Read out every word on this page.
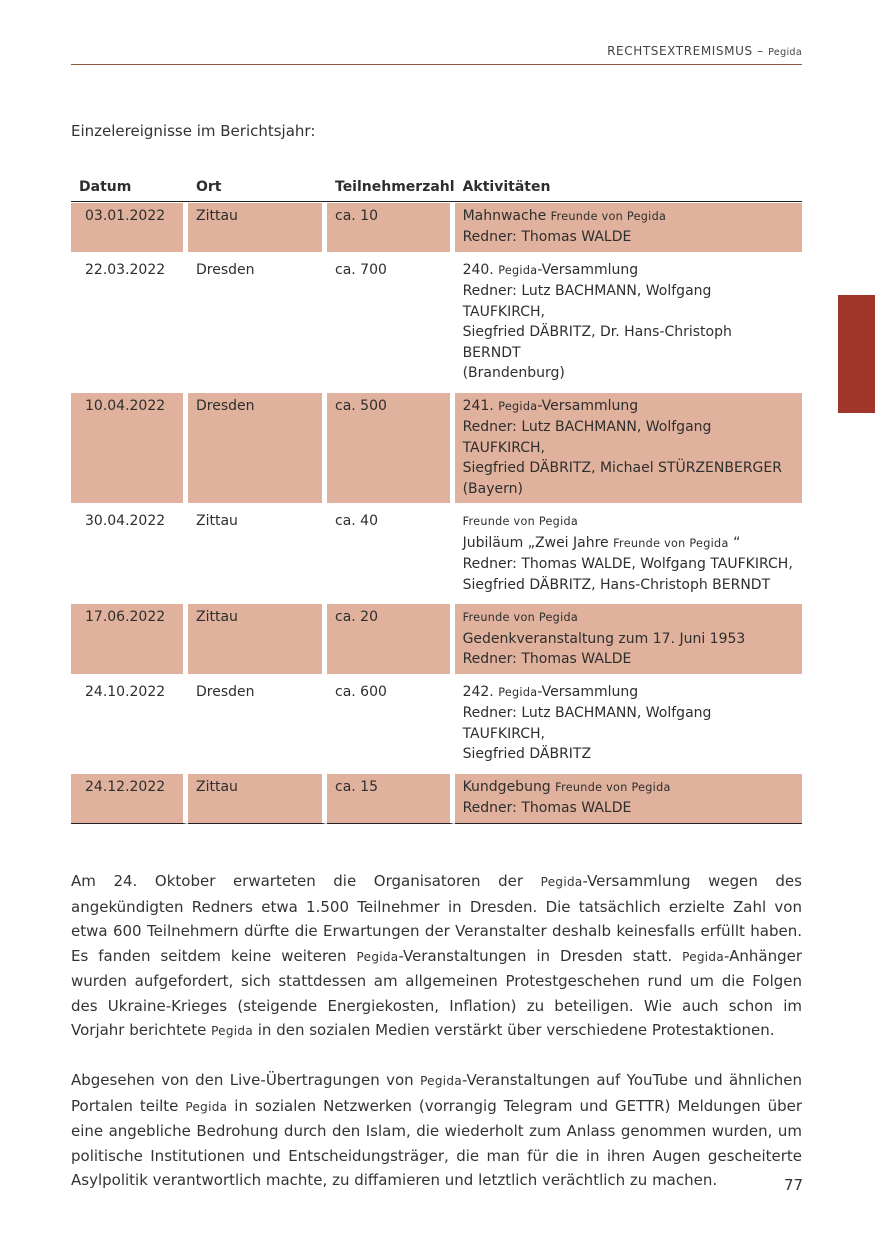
RECHTSEXTREMISMUS – Pegida
Einzelereignisse im Berichtsjahr:
Datum	Ort	Teilnehmerzahl	Aktivitäten
03.01.2022	Zittau	ca. 10	Mahnwache Freunde von Pegida
Redner: Thomas WALDE

22.03.2022	Dresden	ca. 700	240. Pegida-Versammlung
Redner: Lutz BACHMANN, Wolfgang TAUFKIRCH,
Siegfried DÄBRITZ, Dr. Hans-Christoph BERNDT
(Brandenburg)

10.04.2022	Dresden	ca. 500	241. Pegida-Versammlung
Redner: Lutz BACHMANN, Wolfgang TAUFKIRCH,
Siegfried DÄBRITZ, Michael STÜRZENBERGER
(Bayern)

30.04.2022	Zittau	ca. 40	Freunde von Pegida
Jubiläum „Zwei Jahre Freunde von Pegida “
Redner: Thomas WALDE, Wolfgang TAUFKIRCH,
Siegfried DÄBRITZ, Hans-Christoph BERNDT

17.06.2022	Zittau	ca. 20	Freunde von Pegida
Gedenkveranstaltung zum 17. Juni 1953
Redner: Thomas WALDE

24.10.2022	Dresden	ca. 600	242. Pegida-Versammlung
Redner: Lutz BACHMANN, Wolfgang TAUFKIRCH,
Siegfried DÄBRITZ

24.12.2022	Zittau	ca. 15	Kundgebung Freunde von Pegida
Redner: Thomas WALDE
Am 24. Oktober erwarteten die Organisatoren der Pegida-Versammlung wegen des angekündigten Redners etwa 1.500 Teilnehmer in Dresden. Die tatsächlich erzielte Zahl von etwa 600 Teilnehmern dürfte die Erwartungen der Veranstalter deshalb keinesfalls erfüllt haben. Es fanden seitdem keine weiteren Pegida-Veranstaltungen in Dresden statt. Pegida-Anhänger wurden aufgefordert, sich stattdessen am allgemeinen Protestgeschehen rund um die Folgen des Ukraine-Krieges (steigende Energiekosten, Inflation) zu beteiligen. Wie auch schon im Vorjahr berichtete Pegida in den sozialen Medien verstärkt über verschiedene Protestaktionen.
Abgesehen von den Live-Übertragungen von Pegida-Veranstaltungen auf YouTube und ähnlichen Portalen teilte Pegida in sozialen Netzwerken (vorrangig Telegram und GETTR) Meldungen über eine angebliche Bedrohung durch den Islam, die wiederholt zum Anlass genommen wurden, um politische Institutionen und Entscheidungsträger, die man für die in ihren Augen gescheiterte Asylpolitik verantwortlich machte, zu diffamieren und letztlich verächtlich zu machen.	77
